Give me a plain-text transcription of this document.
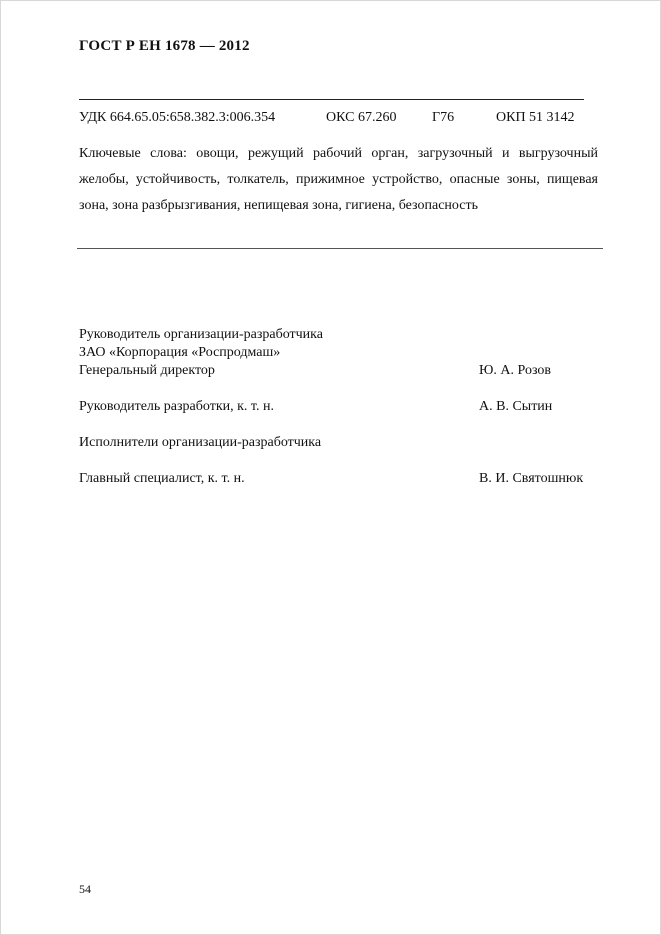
ГОСТ Р ЕН 1678 — 2012
УДК 664.65.05:658.382.3:006.354	ОКС 67.260	Г76	ОКП 51 3142
Ключевые слова: овощи, режущий рабочий орган, загрузочный и выгрузочный желобы, устойчивость, толкатель, прижимное устройство, опасные зоны, пищевая зона, зона разбрызгивания, непищевая зона, гигиена, безопасность
Руководитель организации-разработчика
ЗАО «Корпорация «Роспродмаш»
Генеральный директор	Ю. А. Розов
Руководитель разработки, к. т. н.	А. В. Сытин
Исполнители организации-разработчика
Главный специалист, к. т. н.	В. И. Святошнюк
54
